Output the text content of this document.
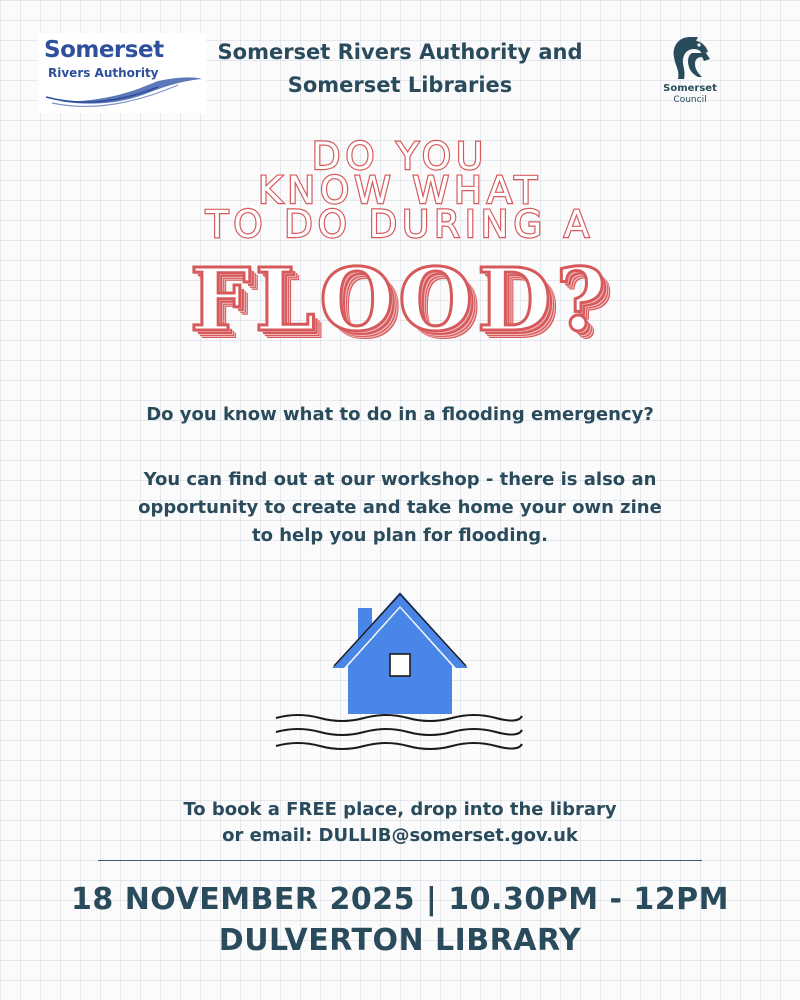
Somerset
Rivers Authority
Somerset Rivers Authority and
Somerset Libraries	Somerset
Council
DO YOU
KNOW WHAT
TO DO DURING A
FLOOD?
Do you know what to do in a flooding emergency?
You can find out at our workshop - there is also an
opportunity to create and take home your own zine
to help you plan for flooding.
To book a FREE place, drop into the library
or email: DULLIB@somerset.gov.uk
18 NOVEMBER 2025 | 10.30PM - 12PM
DULVERTON LIBRARY
